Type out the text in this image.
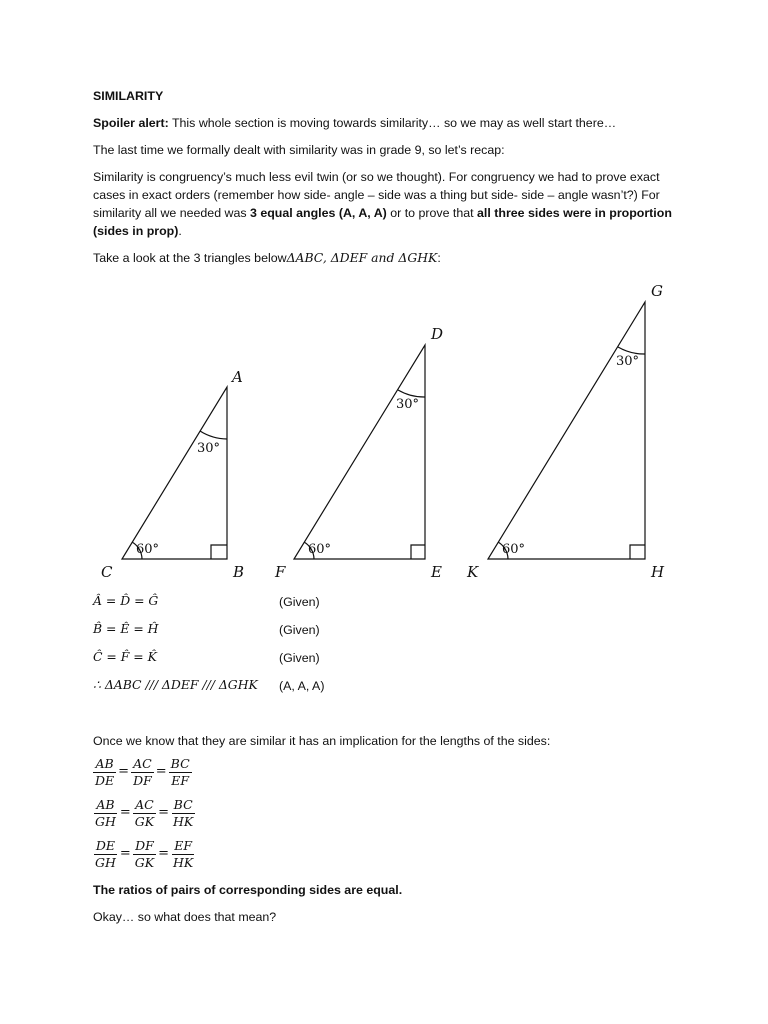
SIMILARITY
Spoiler alert: This whole section is moving towards similarity… so we may as well start there…
The last time we formally dealt with similarity was in grade 9, so let’s recap:
Similarity is congruency’s much less evil twin (or so we thought). For congruency we had to prove exact cases in exact orders (remember how side- angle – side was a thing but side- side – angle wasn’t?) For similarity all we needed was 3 equal angles (A, A, A) or to prove that all three sides were in proportion (sides in prop).
Take a look at the 3 triangles belowΔABC, ΔDEF and ΔGHK:
A
B
C
D
E
F
G
H
K
30°
60°
30°
60°
30°
60°
Â = D̂ = Ĝ	(Given)
B̂ = Ê = Ĥ	(Given)
Ĉ = F̂ = K̂	(Given)
∴ ΔABC /// ΔDEF /// ΔGHK (A, A, A)
Once we know that they are similar it has an implication for the lengths of the sides:
$\frac{AB}{DE} = \frac{AC}{DF} = \frac{BC}{EF}$
$\frac{AB}{GH} = \frac{AC}{GK} = \frac{BC}{HK}$
$\frac{DE}{GH} = \frac{DF}{GK} = \frac{EF}{HK}$
The ratios of pairs of corresponding sides are equal.
Okay… so what does that mean?
